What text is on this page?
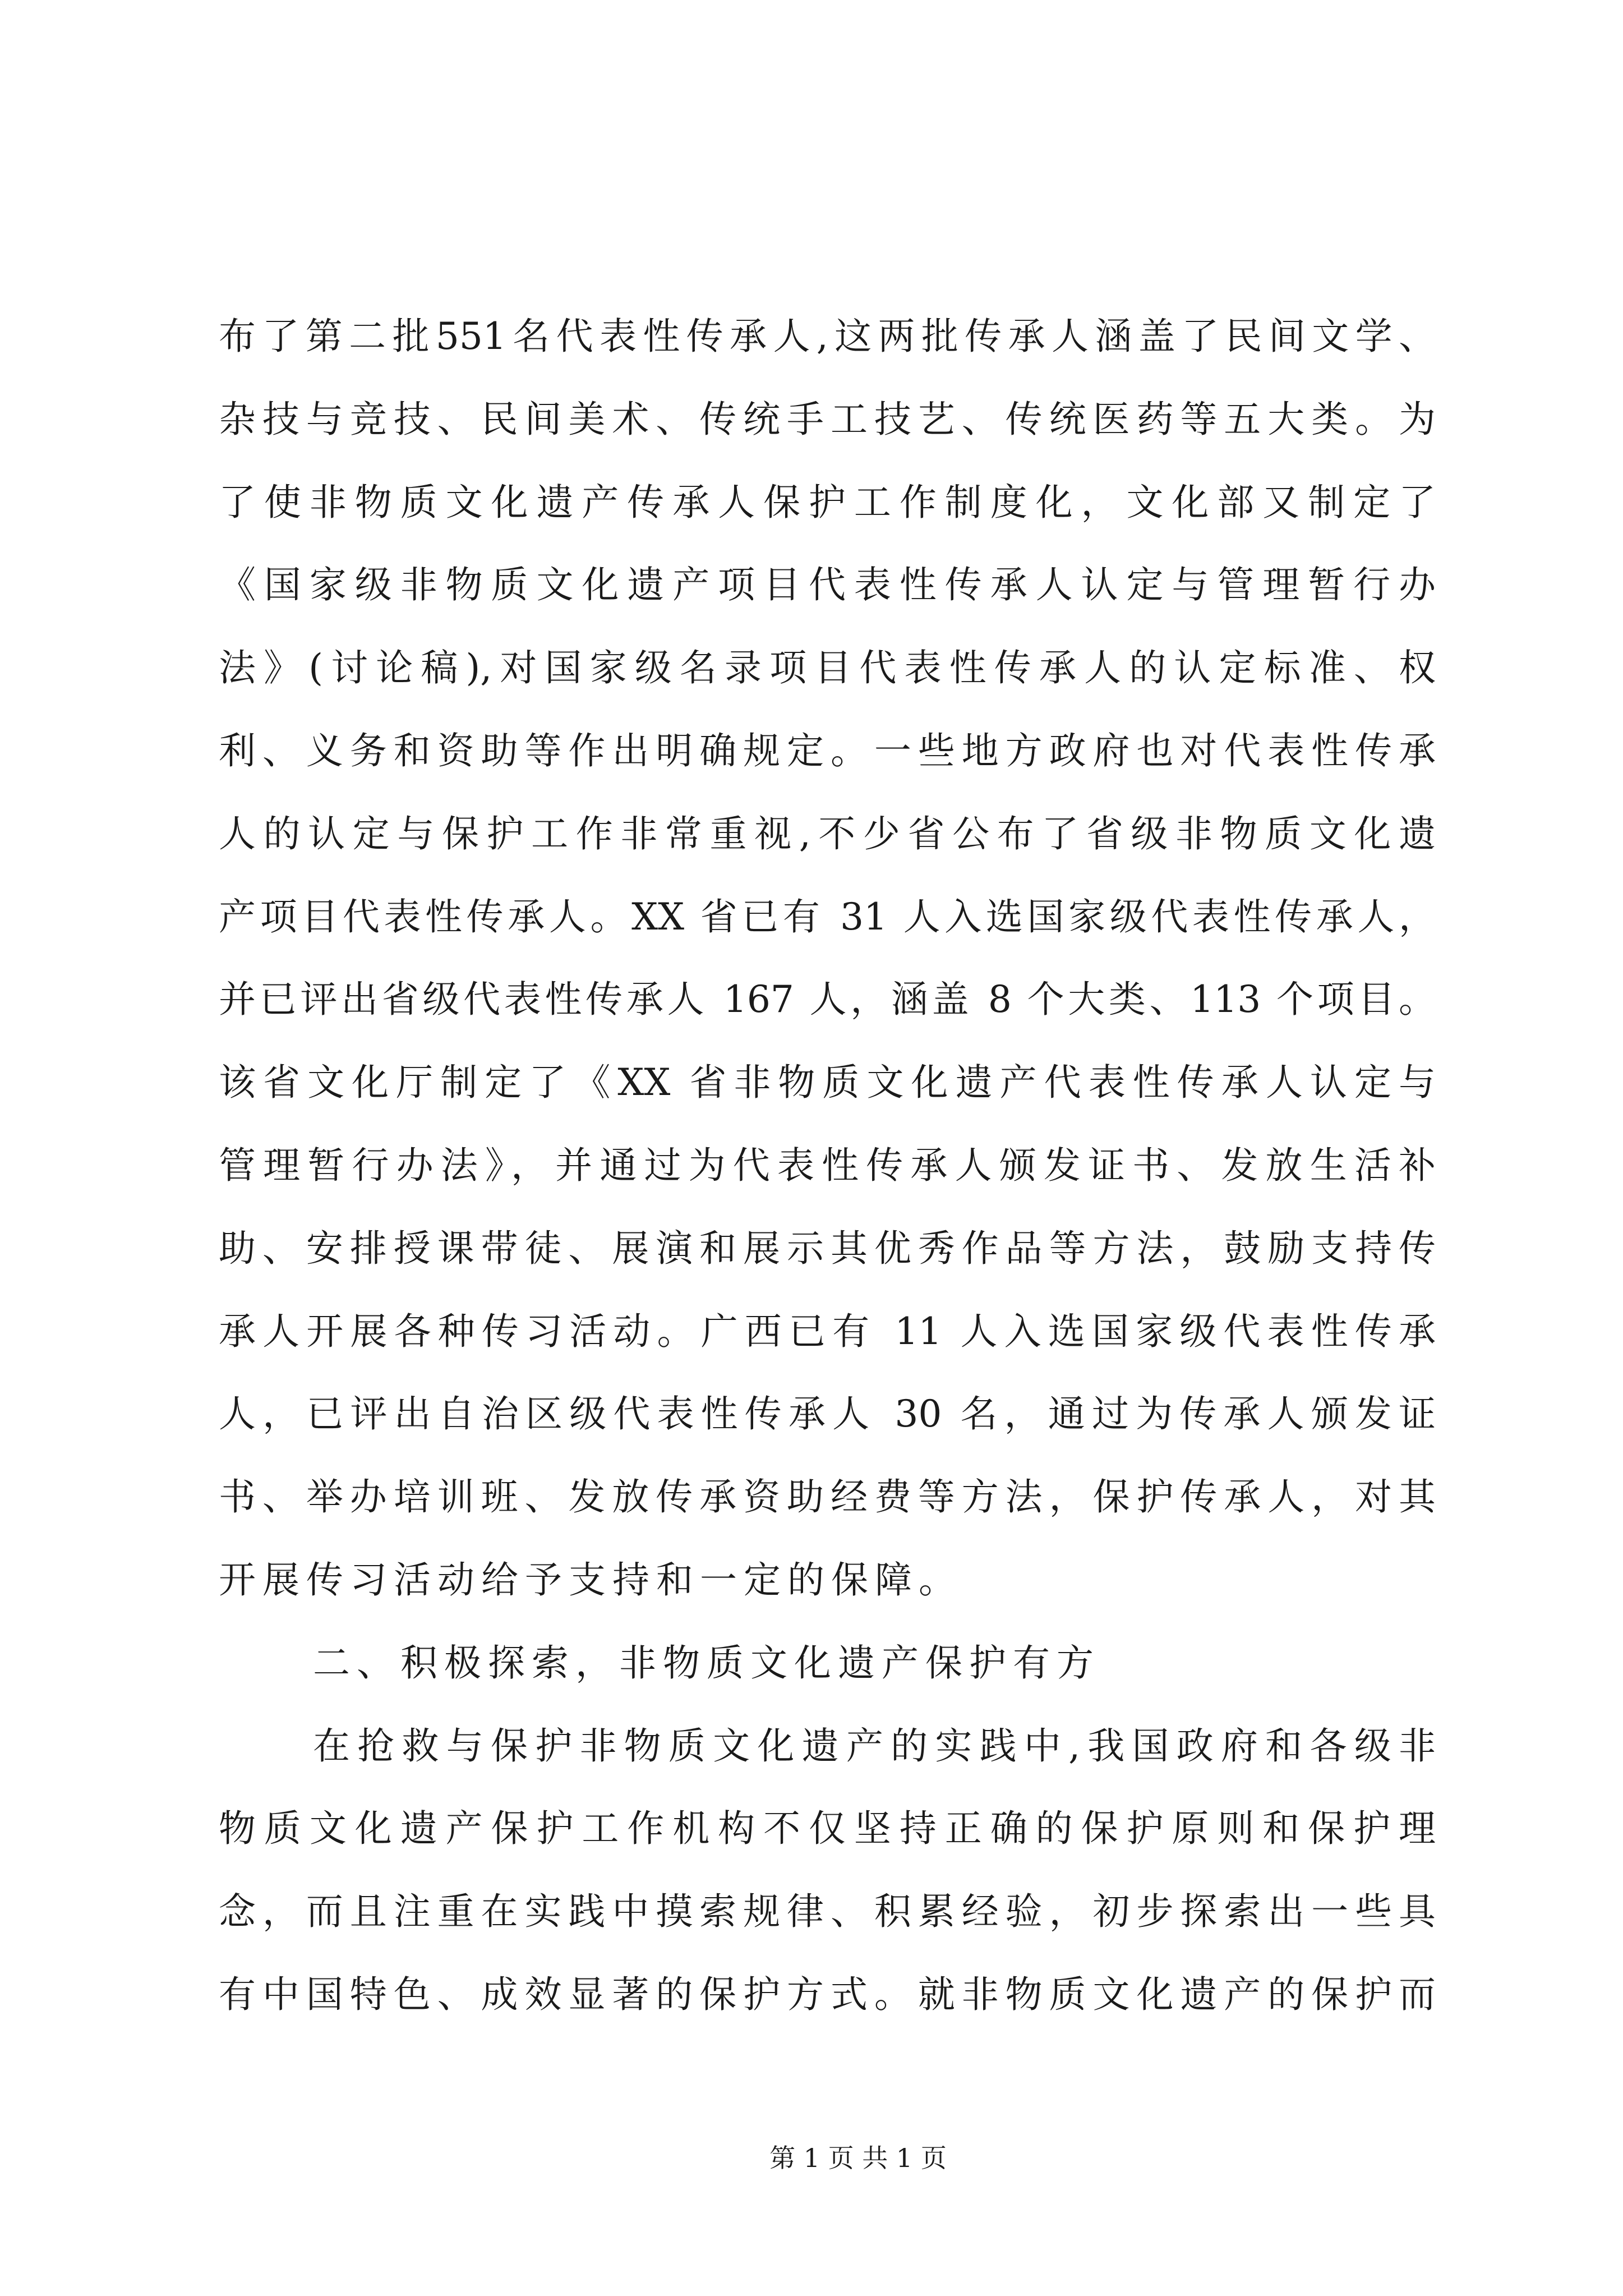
布了第二批551名代表性传承人,这两批传承人涵盖了民间文学、
杂技与竞技、民间美术、传统手工技艺、传统医药等五大类。为
了使非物质文化遗产传承人保护工作制度化，文化部又制定了
《国家级非物质文化遗产项目代表性传承人认定与管理暂行办
法》(讨论稿),对国家级名录项目代表性传承人的认定标准、权
利、义务和资助等作出明确规定。一些地方政府也对代表性传承
人的认定与保护工作非常重视,不少省公布了省级非物质文化遗
产项目代表性传承人。XX 省已有 31 人入选国家级代表性传承人，
并已评出省级代表性传承人 167 人，涵盖 8 个大类、113 个项目。
该省文化厅制定了《XX 省非物质文化遗产代表性传承人认定与
管理暂行办法》，并通过为代表性传承人颁发证书、发放生活补
助、安排授课带徒、展演和展示其优秀作品等方法，鼓励支持传
承人开展各种传习活动。广西已有 11 人入选国家级代表性传承
人，已评出自治区级代表性传承人 30 名，通过为传承人颁发证
书、举办培训班、发放传承资助经费等方法，保护传承人，对其
开展传习活动给予支持和一定的保障。
二、积极探索，非物质文化遗产保护有方
在抢救与保护非物质文化遗产的实践中,我国政府和各级非
物质文化遗产保护工作机构不仅坚持正确的保护原则和保护理
念，而且注重在实践中摸索规律、积累经验，初步探索出一些具
有中国特色、成效显著的保护方式。就非物质文化遗产的保护而
第 1 页 共 1 页
